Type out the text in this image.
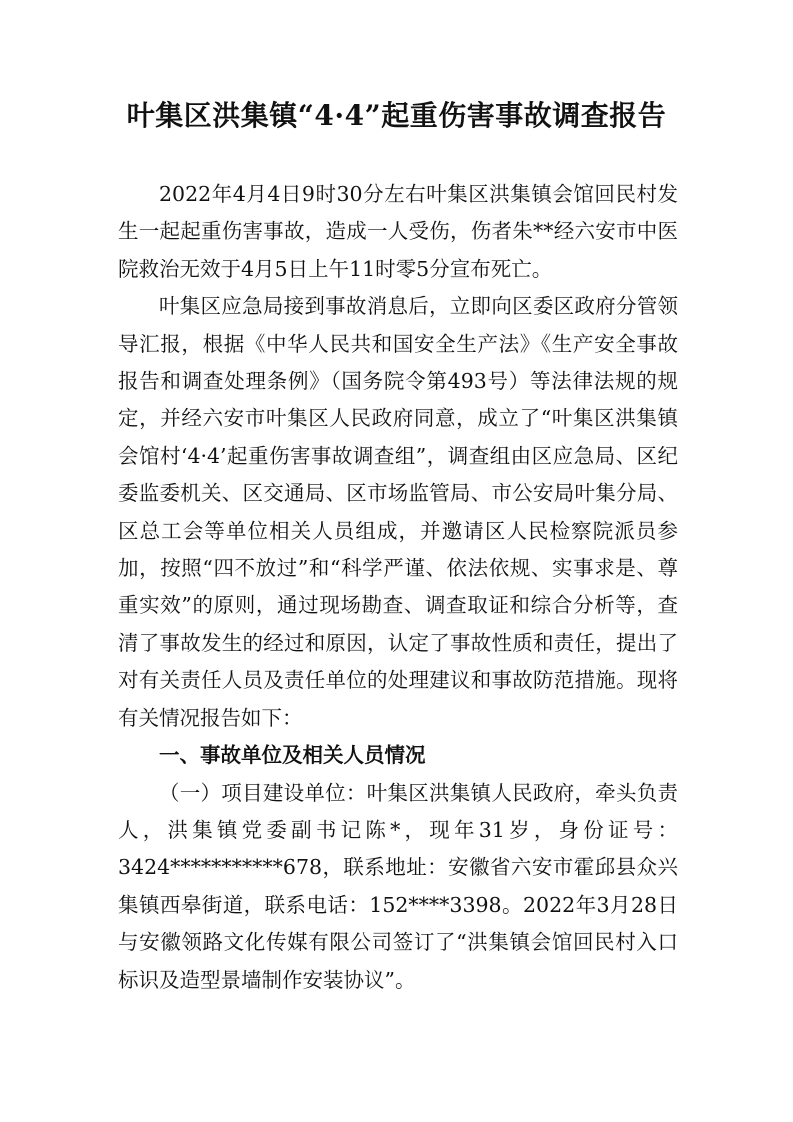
叶集区洪集镇“4·4”起重伤害事故调查报告

2022年4月4日9时30分左右叶集区洪集镇会馆回民村发生一起起重伤害事故，造成一人受伤，伤者朱**经六安市中医院救治无效于4月5日上午11时零5分宣布死亡。

叶集区应急局接到事故消息后，立即向区委区政府分管领导汇报，根据《中华人民共和国安全生产法》《生产安全事故报告和调查处理条例》（国务院令第493号）等法律法规的规定，并经六安市叶集区人民政府同意，成立了“叶集区洪集镇会馆村‘4·4’起重伤害事故调查组”，调查组由区应急局、区纪委监委机关、区交通局、区市场监管局、市公安局叶集分局、区总工会等单位相关人员组成，并邀请区人民检察院派员参加，按照“四不放过”和“科学严谨、依法依规、实事求是、尊重实效”的原则，通过现场勘查、调查取证和综合分析等，查清了事故发生的经过和原因，认定了事故性质和责任，提出了对有关责任人员及责任单位的处理建议和事故防范措施。现将有关情况报告如下：

一、事故单位及相关人员情况

（一）项目建设单位：叶集区洪集镇人民政府，牵头负责人，洪集镇党委副书记陈*，现年31岁，身份证号：3424***********678，联系地址：安徽省六安市霍邱县众兴集镇西皋街道，联系电话：152****3398。2022年3月28日与安徽领路文化传媒有限公司签订了“洪集镇会馆回民村入口标识及造型景墙制作安装协议”。
